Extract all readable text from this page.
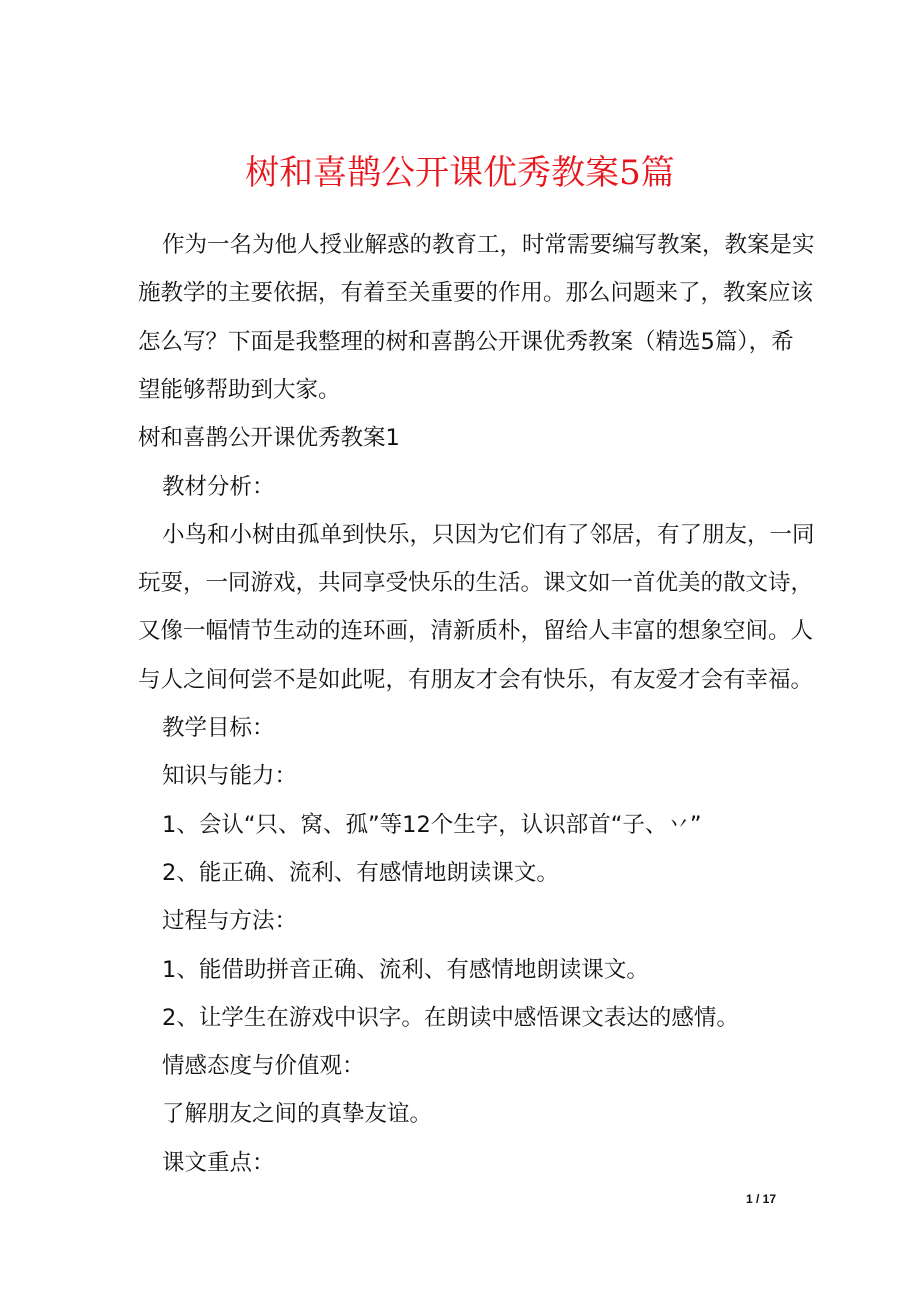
树和喜鹊公开课优秀教案5篇
作为一名为他人授业解惑的教育工，时常需要编写教案，教案是实
施教学的主要依据，有着至关重要的作用。那么问题来了，教案应该
怎么写？下面是我整理的树和喜鹊公开课优秀教案（精选5篇），希
望能够帮助到大家。
树和喜鹊公开课优秀教案1
教材分析：
小鸟和小树由孤单到快乐，只因为它们有了邻居，有了朋友，一同
玩耍，一同游戏，共同享受快乐的生活。课文如一首优美的散文诗，
又像一幅情节生动的连环画，清新质朴，留给人丰富的想象空间。人
与人之间何尝不是如此呢，有朋友才会有快乐，有友爱才会有幸福。
教学目标：
知识与能力：
1、会认“只、窝、孤”等12个生字，认识部首“子、丷”
2、能正确、流利、有感情地朗读课文。
过程与方法：
1、能借助拼音正确、流利、有感情地朗读课文。
2、让学生在游戏中识字。在朗读中感悟课文表达的感情。
情感态度与价值观：
了解朋友之间的真挚友谊。
课文重点：
1 / 17
